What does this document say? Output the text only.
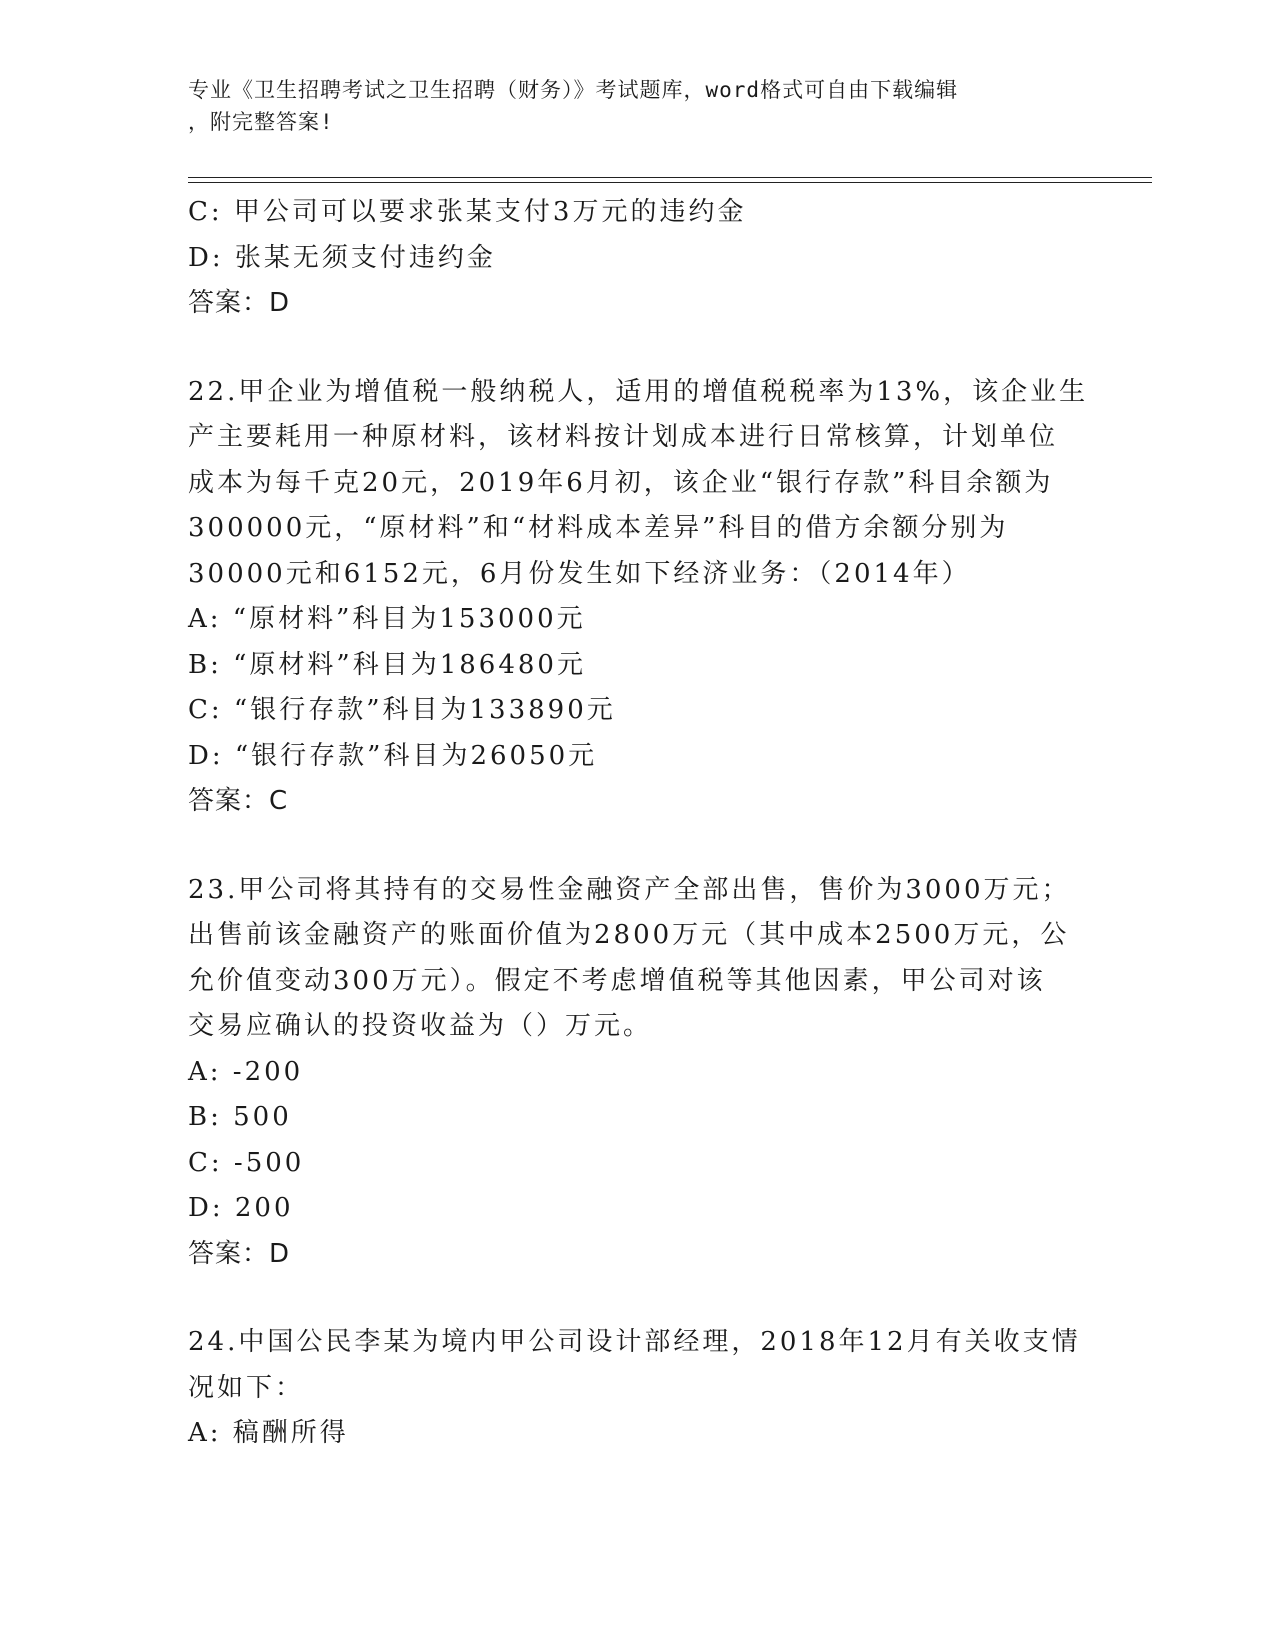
专业《卫生招聘考试之卫生招聘（财务）》考试题库，word格式可自由下载编辑
，附完整答案!
C: 甲公司可以要求张某支付3万元的违约金
D: 张某无须支付违约金
答案：D
22.甲企业为增值税一般纳税人，适用的增值税税率为13%，该企业生
产主要耗用一种原材料，该材料按计划成本进行日常核算，计划单位
成本为每千克20元，2019年6月初，该企业“银行存款”科目余额为
300000元，“原材料”和“材料成本差异”科目的借方余额分别为
30000元和6152元，6月份发生如下经济业务：（2014年）
A: “原材料”科目为153000元
B: “原材料”科目为186480元
C: “银行存款”科目为133890元
D: “银行存款”科目为26050元
答案：C
23.甲公司将其持有的交易性金融资产全部出售，售价为3000万元；
出售前该金融资产的账面价值为2800万元（其中成本2500万元，公
允价值变动300万元）。假定不考虑增值税等其他因素，甲公司对该
交易应确认的投资收益为（）万元。
A: -200
B: 500
C: -500
D: 200
答案：D
24.中国公民李某为境内甲公司设计部经理，2018年12月有关收支情
况如下：
A: 稿酬所得
